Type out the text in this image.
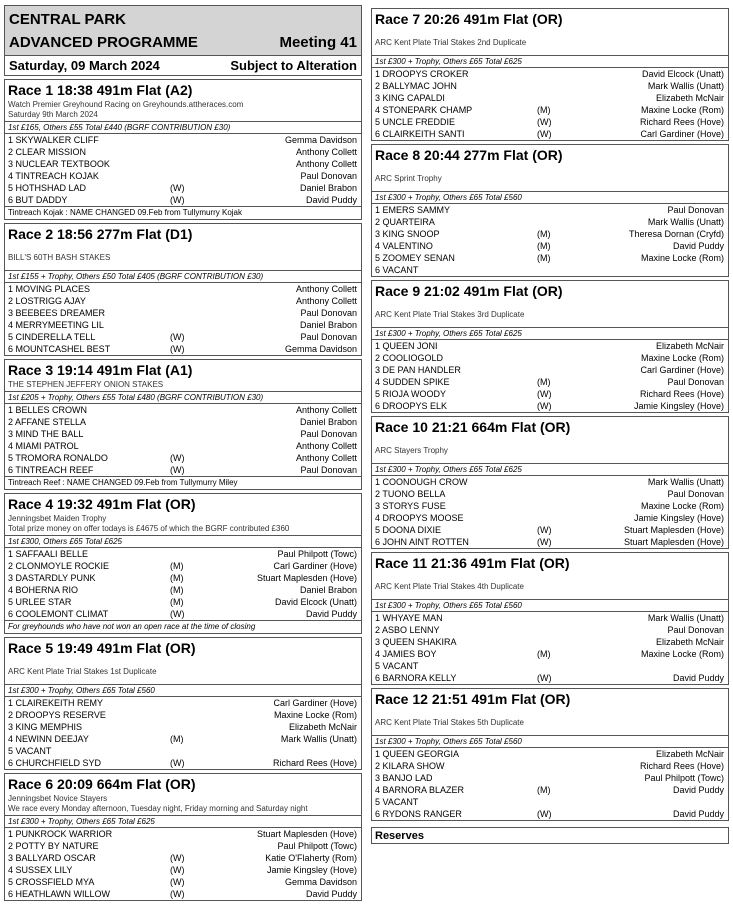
CENTRAL PARK
ADVANCED PROGRAMME	Meeting 41
Saturday, 09 March 2024	Subject to Alteration
Race 1 18:38 491m Flat (A2)
Watch Premier Greyhound Racing on Greyhounds.attheraces.com
Saturday 9th March 2024
1st £165, Others £55 Total £440 (BGRF CONTRIBUTION £30)
1 SKYWALKER CLIFF	Gemma Davidson
2 CLEAR MISSION	Anthony Collett
3 NUCLEAR TEXTBOOK	Anthony Collett
4 TINTREACH KOJAK	Paul Donovan
5 HOTHSHAD LAD	(W)	Daniel Brabon
6 BUT DADDY	(W)	David Puddy
Tintreach Kojak : NAME CHANGED 09.Feb from Tullymurry Kojak
Race 2 18:56 277m Flat (D1)
BILL'S 60TH BASH STAKES
1st £155 + Trophy, Others £50 Total £405 (BGRF CONTRIBUTION £30)
1 MOVING PLACES	Anthony Collett
2 LOSTRIGG AJAY	Anthony Collett
3 BEEBEES DREAMER	Paul Donovan
4 MERRYMEETING LIL	Daniel Brabon
5 CINDERELLA TELL	(W)	Paul Donovan
6 MOUNTCASHEL BEST	(W)	Gemma Davidson
Race 3 19:14 491m Flat (A1)
THE STEPHEN JEFFERY ONION STAKES
1st £205 + Trophy, Others £55 Total £480 (BGRF CONTRIBUTION £30)
1 BELLES CROWN	Anthony Collett
2 AFFANE STELLA	Daniel Brabon
3 MIND THE BALL	Paul Donovan
4 MIAMI PATROL	Anthony Collett
5 TROMORA RONALDO	(W)	Anthony Collett
6 TINTREACH REEF	(W)	Paul Donovan
Tintreach Reef : NAME CHANGED 09.Feb from Tullymurry Miley
Race 4 19:32 491m Flat (OR)
Jenningsbet Maiden Trophy
Total prize money on offer todays is £4675 of which the BGRF contributed £360
1st £300, Others £65 Total £625
1 SAFFAALI BELLE	Paul Philpott (Towc)
2 CLONMOYLE ROCKIE	(M)	Carl Gardiner (Hove)
3 DASTARDLY PUNK	(M)	Stuart Maplesden (Hove)
4 BOHERNA RIO	(M)	Daniel Brabon
5 URLEE STAR	(M)	David Elcock (Unatt)
6 COOLEMONT CLIMAT	(W)	David Puddy
For greyhounds who have not won an open race at the time of closing
Race 5 19:49 491m Flat (OR)
ARC Kent Plate Trial Stakes 1st Duplicate
1st £300 + Trophy, Others £65 Total £560
1 CLAIREKEITH REMY	Carl Gardiner (Hove)
2 DROOPYS RESERVE	Maxine Locke (Rom)
3 KING MEMPHIS	Elizabeth McNair
4 NEWINN DEEJAY	(M)	Mark Wallis (Unatt)
5 VACANT
6 CHURCHFIELD SYD	(W)	Richard Rees (Hove)
Race 6 20:09 664m Flat (OR)
Jenningsbet Novice Stayers
We race every Monday afternoon, Tuesday night, Friday morning and Saturday night
1st £300 + Trophy, Others £65 Total £625
1 PUNKROCK WARRIOR	Stuart Maplesden (Hove)
2 POTTY BY NATURE	Paul Philpott (Towc)
3 BALLYARD OSCAR	(W)	Katie O'Flaherty (Rom)
4 SUSSEX LILY	(W)	Jamie Kingsley (Hove)
5 CROSSFIELD MYA	(W)	Gemma Davidson
6 HEATHLAWN WILLOW	(W)	David Puddy
Race 7 20:26 491m Flat (OR)
ARC Kent Plate Trial Stakes 2nd Duplicate
1st £300 + Trophy, Others £65 Total £625
1 DROOPYS CROKER	David Elcock (Unatt)
2 BALLYMAC JOHN	Mark Wallis (Unatt)
3 KING CAPALDI	Elizabeth McNair
4 STONEPARK CHAMP	(M)	Maxine Locke (Rom)
5 UNCLE FREDDIE	(W)	Richard Rees (Hove)
6 CLAIRKEITH SANTI	(W)	Carl Gardiner (Hove)
Race 8 20:44 277m Flat (OR)
ARC Sprint Trophy
1st £300 + Trophy, Others £65 Total £560
1 EMERS SAMMY	Paul Donovan
2 QUARTEIRA	Mark Wallis (Unatt)
3 KING SNOOP	(M)	Theresa Dornan (Cryfd)
4 VALENTINO	(M)	David Puddy
5 ZOOMEY SENAN	(M)	Maxine Locke (Rom)
6 VACANT
Race 9 21:02 491m Flat (OR)
ARC Kent Plate Trial Stakes 3rd Duplicate
1st £300 + Trophy, Others £65 Total £625
1 QUEEN JONI	Elizabeth McNair
2 COOLIOGOLD	Maxine Locke (Rom)
3 DE PAN HANDLER	Carl Gardiner (Hove)
4 SUDDEN SPIKE	(M)	Paul Donovan
5 RIOJA WOODY	(W)	Richard Rees (Hove)
6 DROOPYS ELK	(W)	Jamie Kingsley (Hove)
Race 10 21:21 664m Flat (OR)
ARC Stayers Trophy
1st £300 + Trophy, Others £65 Total £625
1 COONOUGH CROW	Mark Wallis (Unatt)
2 TUONO BELLA	Paul Donovan
3 STORYS FUSE	Maxine Locke (Rom)
4 DROOPYS MOOSE	Jamie Kingsley (Hove)
5 DOONA DIXIE	(W)	Stuart Maplesden (Hove)
6 JOHN AINT ROTTEN	(W)	Stuart Maplesden (Hove)
Race 11 21:36 491m Flat (OR)
ARC Kent Plate Trial Stakes 4th Duplicate
1st £300 + Trophy, Others £65 Total £560
1 WHYAYE MAN	Mark Wallis (Unatt)
2 ASBO LENNY	Paul Donovan
3 QUEEN SHAKIRA	Elizabeth McNair
4 JAMIES BOY	(M)	Maxine Locke (Rom)
5 VACANT
6 BARNORA KELLY	(W)	David Puddy
Race 12 21:51 491m Flat (OR)
ARC Kent Plate Trial Stakes 5th Duplicate
1st £300 + Trophy, Others £65 Total £560
1 QUEEN GEORGIA	Elizabeth McNair
2 KILARA SHOW	Richard Rees (Hove)
3 BANJO LAD	Paul Philpott (Towc)
4 BARNORA BLAZER	(M)	David Puddy
5 VACANT
6 RYDONS RANGER	(W)	David Puddy
Reserves
